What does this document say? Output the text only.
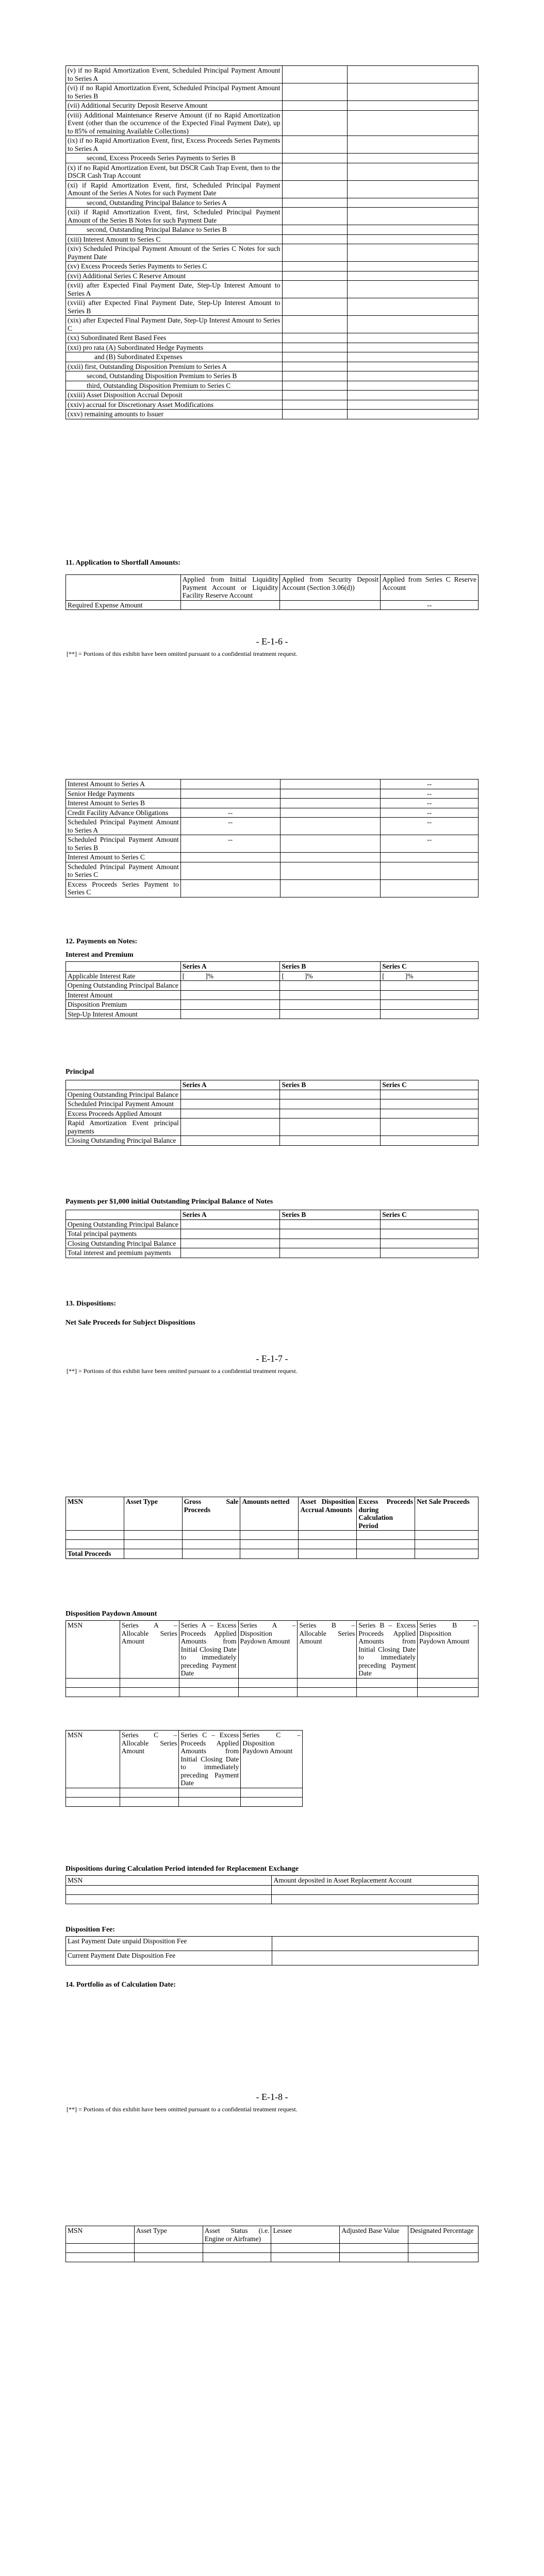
(v) if no Rapid Amortization Event, Scheduled Principal Payment Amount to Series A		
(vi) if no Rapid Amortization Event, Scheduled Principal Payment Amount to Series B		
(vii) Additional Security Deposit Reserve Amount		
(viii) Additional Maintenance Reserve Amount (if no Rapid Amortization Event (other than the occurrence of the Expected Final Payment Date), up to 85% of remaining Available Collections)		
(ix) if no Rapid Amortization Event, first, Excess Proceeds Series Payments to Series A		
second, Excess Proceeds Series Payments to Series B		
(x) if no Rapid Amortization Event, but DSCR Cash Trap Event, then to the DSCR Cash Trap Account		
(xi) if Rapid Amortization Event, first, Scheduled Principal Payment Amount of the Series A Notes for such Payment Date		
second, Outstanding Principal Balance to Series A		
(xii) if Rapid Amortization Event, first, Scheduled Principal Payment Amount of the Series B Notes for such Payment Date		
second, Outstanding Principal Balance to Series B		
(xiii) Interest Amount to Series C		
(xiv) Scheduled Principal Payment Amount of the Series C Notes for such Payment Date		
(xv) Excess Proceeds Series Payments to Series C		
(xvi) Additional Series C Reserve Amount		
(xvii) after Expected Final Payment Date, Step-Up Interest Amount to Series A		
(xviii) after Expected Final Payment Date, Step-Up Interest Amount to Series B		
(xix) after Expected Final Payment Date, Step-Up Interest Amount to Series C		
(xx) Subordinated Rent Based Fees		
(xxi) pro rata (A) Subordinated Hedge Payments		
and (B) Subordinated Expenses		
(xxii) first, Outstanding Disposition Premium to Series A		
second, Outstanding Disposition Premium to Series B		
third, Outstanding Disposition Premium to Series C		
(xxiii) Asset Disposition Accrual Deposit		
(xxiv) accrual for Discretionary Asset Modifications		
(xxv) remaining amounts to Issuer		
11. Application to Shortfall Amounts:
	Applied from Initial Liquidity Payment Account or Liquidity Facility Reserve Account	Applied from Security Deposit Account (Section 3.06(d))	Applied from Series C Reserve Account
Required Expense Amount			--
- E-1-6 -
[**] = Portions of this exhibit have been omitted pursuant to a confidential treatment request.
Interest Amount to Series A			--
Senior Hedge Payments			--
Interest Amount to Series B			--
Credit Facility Advance Obligations	--		--
Scheduled Principal Payment Amount to Series A	--		--
Scheduled Principal Payment Amount to Series B	--		--
Interest Amount to Series C			
Scheduled Principal Payment Amount to Series C			
Excess Proceeds Series Payment to Series C			
12. Payments on Notes:
Interest and Premium
	Series A	Series B	Series C
Applicable Interest Rate	[ ]%	[ ]%	[ ]%
Opening Outstanding Principal Balance			
Interest Amount			
Disposition Premium			
Step-Up Interest Amount			
Principal
	Series A	Series B	Series C
Opening Outstanding Principal Balance			
Scheduled Principal Payment Amount			
Excess Proceeds Applied Amount			
Rapid Amortization Event principal payments			
Closing Outstanding Principal Balance			
Payments per $1,000 initial Outstanding Principal Balance of Notes
	Series A	Series B	Series C
Opening Outstanding Principal Balance			
Total principal payments			
Closing Outstanding Principal Balance			
Total interest and premium payments			
13. Dispositions:
Net Sale Proceeds for Subject Dispositions
- E-1-7 -
[**] = Portions of this exhibit have been omitted pursuant to a confidential treatment request.
MSN	Asset Type	Gross Sale Proceeds	Amounts netted	Asset Disposition Accrual Amounts	Excess Proceeds during Calculation Period	Net Sale Proceeds

Total Proceeds						
Disposition Paydown Amount
MSN	Series A – Allocable Series Amount	Series A – Excess Proceeds Applied Amounts from Initial Closing Date to immediately preceding Payment Date	Series A – Disposition Paydown Amount	Series B – Allocable Series Amount	Series B – Excess Proceeds Applied Amounts from Initial Closing Date to immediately preceding Payment Date	Series B – Disposition Paydown Amount

MSN	Series C – Allocable Series Amount	Series C – Excess Proceeds Applied Amounts from Initial Closing Date to immediately preceding Payment Date	Series C – Disposition Paydown Amount

Dispositions during Calculation Period intended for Replacement Exchange
MSN	Amount deposited in Asset Replacement Account

Disposition Fee:
Last Payment Date unpaid Disposition Fee	
Current Payment Date Disposition Fee	
14. Portfolio as of Calculation Date:
- E-1-8 -
[**] = Portions of this exhibit have been omitted pursuant to a confidential treatment request.
MSN	Asset Type	Asset Status (i.e. Engine or Airframe)	Lessee	Adjusted Base Value	Designated Percentage
